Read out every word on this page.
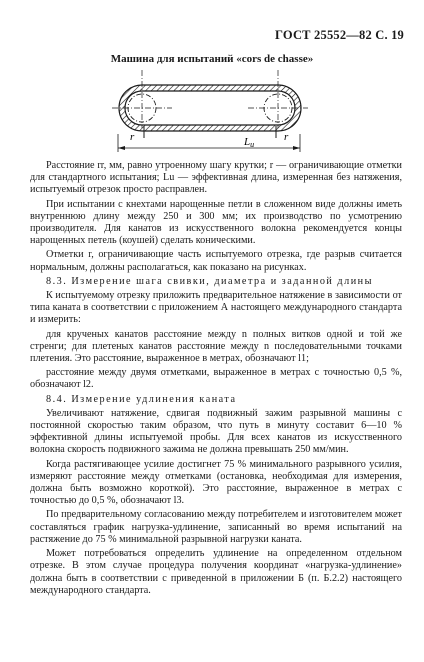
ГОСТ 25552—82 С. 19
Машина для испытаний «cors de chasse»
r	r
Lu

Расстояние rr, мм, равно утроенному шагу крутки; r — ограничивающие отметки для стандартного испытания; Lu — эффективная длина, измеренная без натяжения, испытуемый отрезок просто расправлен.

При испытании с кнехтами нарощенные петли в сложенном виде должны иметь внутреннюю длину между 250 и 300 мм; их производство по усмотрению производителя. Для канатов из искусственного волокна рекомендуется концы нарощенных петель (коушей) сделать коническими.

Отметки r, ограничивающие часть испытуемого отрезка, где разрыв считается нормальным, должны располагаться, как показано на рисунках.

8.3. Измерение шага свивки, диаметра и заданной длины

К испытуемому отрезку приложить предварительное натяжение в зависимости от типа каната в соответствии с приложением А настоящего международного стандарта и измерить:

для крученых канатов расстояние между n полных витков одной и той же стренги; для плетеных канатов расстояние между n последовательными точками плетения. Это расстояние, выраженное в метрах, обозначают l1;

расстояние между двумя отметками, выраженное в метрах с точностью 0,5 %, обозначают l2.

8.4. Измерение удлинения каната

Увеличивают натяжение, сдвигая подвижный зажим разрывной машины с постоянной скоростью таким образом, что путь в минуту составит 6—10 % эффективной длины испытуемой пробы. Для всех канатов из искусственного волокна скорость подвижного зажима не должна превышать 250 мм/мин.

Когда растягивающее усилие достигнет 75 % минимального разрывного усилия, измеряют расстояние между отметками (остановка, необходимая для измерения, должна быть возможно короткой). Это расстояние, выраженное в метрах с точностью до 0,5 %, обозначают l3.

По предварительному согласованию между потребителем и изготовителем может составляться график нагрузка-удлинение, записанный во время испытаний на растяжение до 75 % минимальной разрывной нагрузки каната.

Может потребоваться определить удлинение на определенном отдельном отрезке. В этом случае процедура получения координат «нагрузка-удлинение» должна быть в соответствии с приведенной в приложении Б (п. Б.2.2) настоящего международного стандарта.
